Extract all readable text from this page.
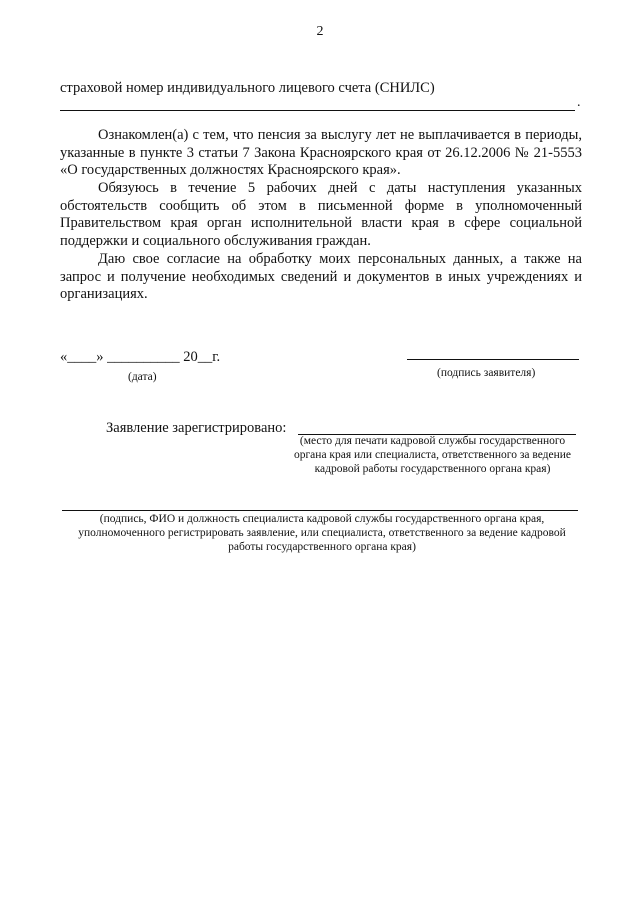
2
страховой номер индивидуального лицевого счета (СНИЛС)
.

Ознакомлен(а) с тем, что пенсия за выслугу лет не выплачивается в периоды, указанные в пункте 3 статьи 7 Закона Красноярского края от 26.12.2006 № 21-5553 «О государственных должностях Красноярского края».

Обязуюсь в течение 5 рабочих дней с даты наступления указанных обстоятельств сообщить об этом в письменной форме в уполномоченный Правительством края орган исполнительной власти края в сфере социальной поддержки и социального обслуживания граждан.

Даю свое согласие на обработку моих персональных данных, а также на запрос и получение необходимых сведений и документов в иных учреждениях и организациях.

«____» __________ 20__г.
(дата)	(подпись заявителя)
Заявление зарегистрировано:
(место для печати кадровой службы государственного органа края или специалиста, ответственного за ведение кадровой работы государственного органа края)
(подпись, ФИО и должность специалиста кадровой службы государственного органа края, уполномоченного регистрировать заявление, или специалиста, ответственного за ведение кадровой работы государственного органа края)
